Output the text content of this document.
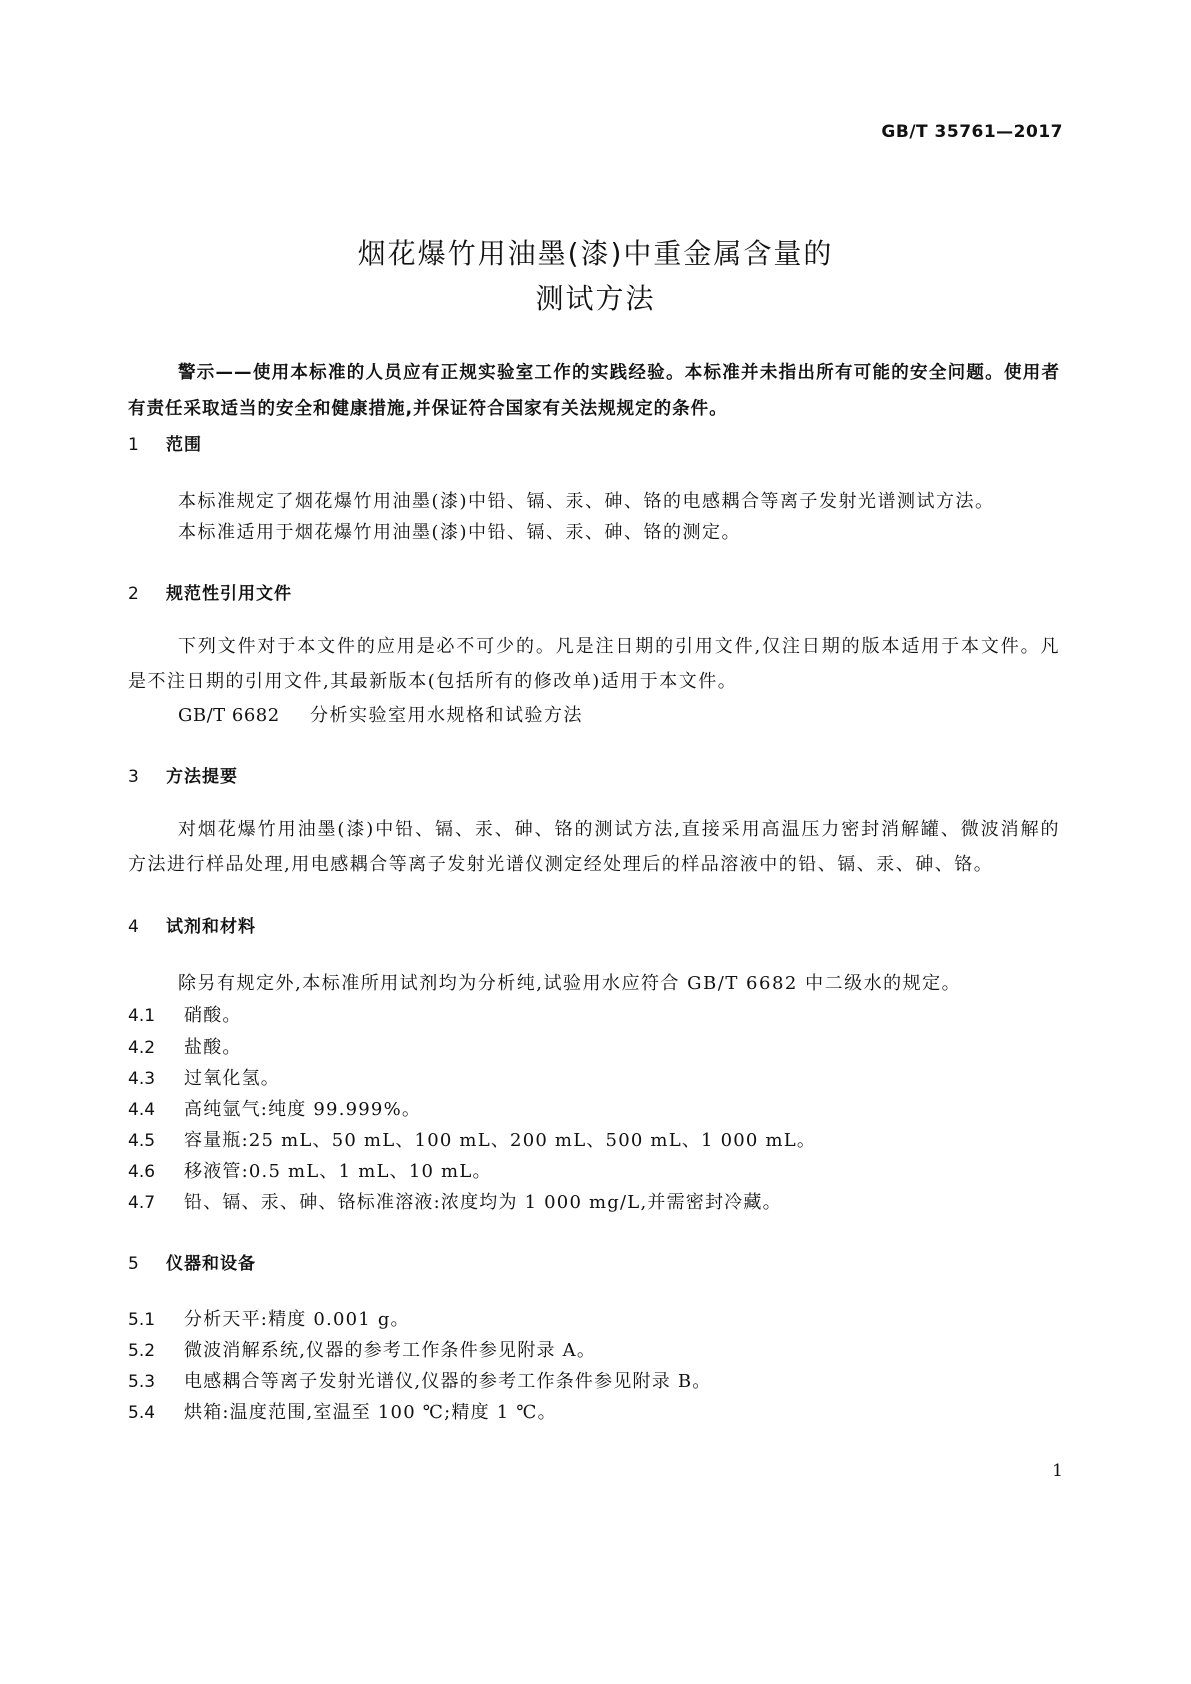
GB/T 35761—2017
烟花爆竹用油墨(漆)中重金属含量的
测试方法
警示——使用本标准的人员应有正规实验室工作的实践经验。本标准并未指出所有可能的安全问题。使用者有责任采取适当的安全和健康措施,并保证符合国家有关法规规定的条件。
1 范围
本标准规定了烟花爆竹用油墨(漆)中铅、镉、汞、砷、铬的电感耦合等离子发射光谱测试方法。
本标准适用于烟花爆竹用油墨(漆)中铅、镉、汞、砷、铬的测定。
2 规范性引用文件
下列文件对于本文件的应用是必不可少的。凡是注日期的引用文件,仅注日期的版本适用于本文件。凡是不注日期的引用文件,其最新版本(包括所有的修改单)适用于本文件。
GB/T 6682 分析实验室用水规格和试验方法
3 方法提要
对烟花爆竹用油墨(漆)中铅、镉、汞、砷、铬的测试方法,直接采用高温压力密封消解罐、微波消解的方法进行样品处理,用电感耦合等离子发射光谱仪测定经处理后的样品溶液中的铅、镉、汞、砷、铬。
4 试剂和材料
除另有规定外,本标准所用试剂均为分析纯,试验用水应符合 GB/T 6682 中二级水的规定。
4.1 硝酸。
4.2 盐酸。
4.3 过氧化氢。
4.4 高纯氩气:纯度 99.999%。
4.5 容量瓶:25 mL、50 mL、100 mL、200 mL、500 mL、1 000 mL。
4.6 移液管:0.5 mL、1 mL、10 mL。
4.7 铅、镉、汞、砷、铬标准溶液:浓度均为 1 000 mg/L,并需密封冷藏。
5 仪器和设备
5.1 分析天平:精度 0.001 g。
5.2 微波消解系统,仪器的参考工作条件参见附录 A。
5.3 电感耦合等离子发射光谱仪,仪器的参考工作条件参见附录 B。
5.4 烘箱:温度范围,室温至 100 ℃;精度 1 ℃。
1
